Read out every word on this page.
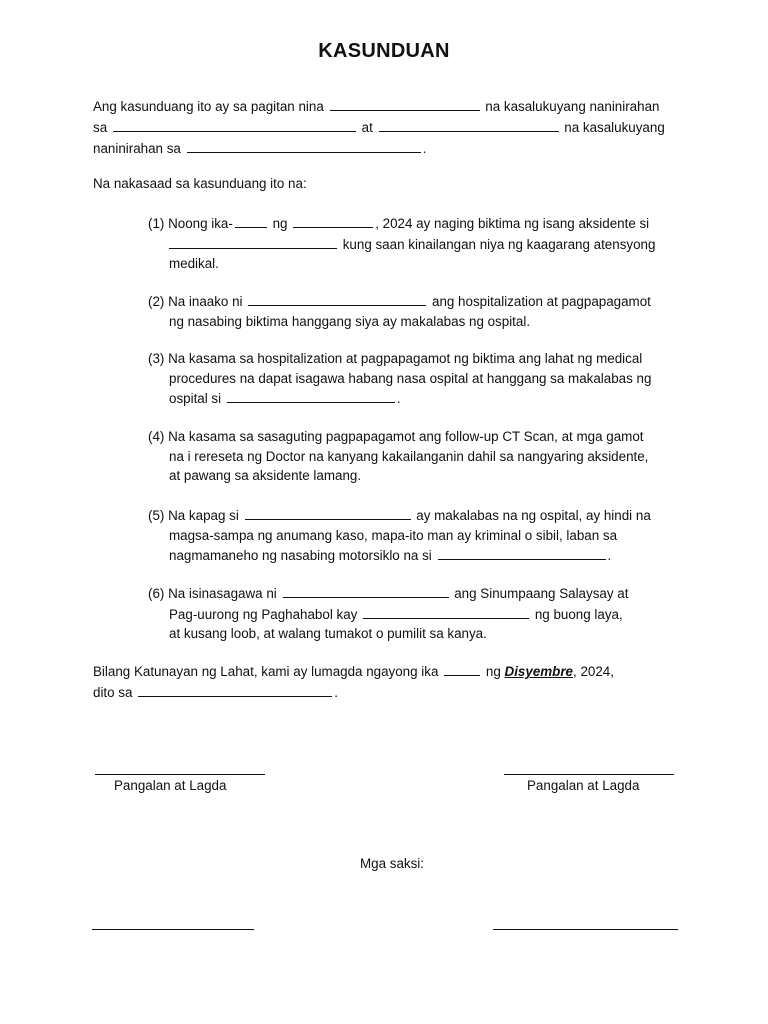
KASUNDUAN
Ang kasunduang ito ay sa pagitan nina	na kasalukuyang naninirahan
sa	at	na kasalukuyang
naninirahan sa	.
Na nakasaad sa kasunduang ito na:
(1) Noong ika-	ng	, 2024 ay naging biktima ng isang aksidente si
kung saan kinailangan niya ng kaagarang atensyong
medikal.
(2) Na inaako ni	ang hospitalization at pagpapagamot
ng nasabing biktima hanggang siya ay makalabas ng ospital.
(3) Na kasama sa hospitalization at pagpapagamot ng biktima ang lahat ng medical
procedures na dapat isagawa habang nasa ospital at hanggang sa makalabas ng
ospital si	.
(4) Na kasama sa sasaguting pagpapagamot ang follow-up CT Scan, at mga gamot
na i rereseta ng Doctor na kanyang kakailanganin dahil sa nangyaring aksidente,
at pawang sa aksidente lamang.
(5) Na kapag si	ay makalabas na ng ospital, ay hindi na
magsa-sampa ng anumang kaso, mapa-ito man ay kriminal o sibil, laban sa
nagmamaneho ng nasabing motorsiklo na si	.
(6) Na isinasagawa ni	ang Sinumpaang Salaysay at
Pag-uurong ng Paghahabol kay	ng buong laya,
at kusang loob, at walang tumakot o pumilit sa kanya.
Bilang Katunayan ng Lahat, kami ay lumagda ngayong ika	ng Disyembre, 2024,
dito sa	.
Pangalan at Lagda	Pangalan at Lagda
Mga saksi:
